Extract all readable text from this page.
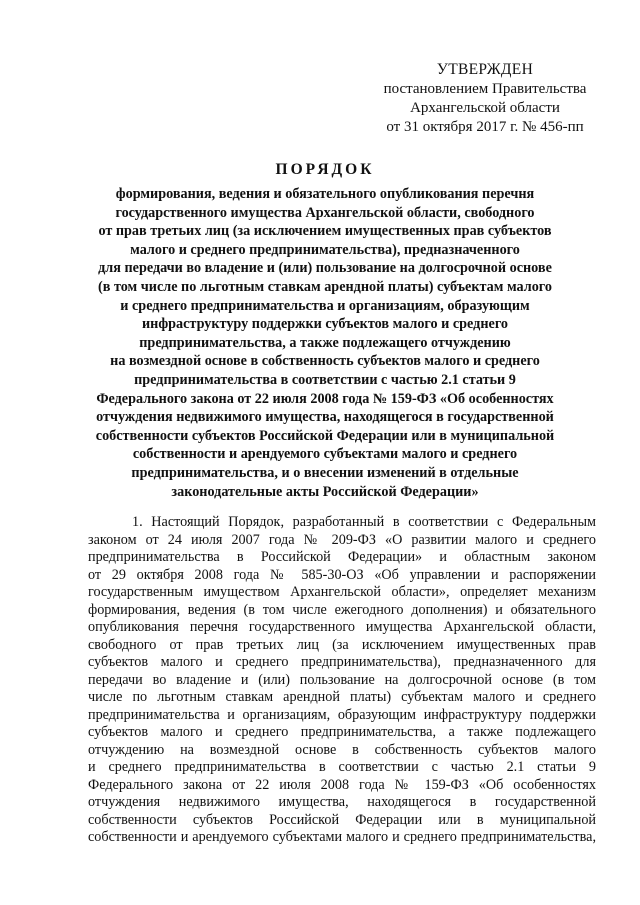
УТВЕРЖДЕН
постановлением Правительства
Архангельской области
от 31 октября 2017 г. № 456-пп
ПОРЯДОК
формирования, ведения и обязательного опубликования перечня
государственного имущества Архангельской области, свободного
от прав третьих лиц (за исключением имущественных прав субъектов
малого и среднего предпринимательства), предназначенного
для передачи во владение и (или) пользование на долгосрочной основе
(в том числе по льготным ставкам арендной платы) субъектам малого
и среднего предпринимательства и организациям, образующим
инфраструктуру поддержки субъектов малого и среднего
предпринимательства, а также подлежащего отчуждению
на возмездной основе в собственность субъектов малого и среднего
предпринимательства в соответствии с частью 2.1 статьи 9
Федерального закона от 22 июля 2008 года № 159-ФЗ «Об особенностях
отчуждения недвижимого имущества, находящегося в государственной
собственности субъектов Российской Федерации или в муниципальной
собственности и арендуемого субъектами малого и среднего
предпринимательства, и о внесении изменений в отдельные
законодательные акты Российской Федерации»
1. Настоящий Порядок, разработанный в соответствии с Федеральным
законом от 24 июля 2007 года № 209-ФЗ «О развитии малого и среднего
предпринимательства в Российской Федерации» и областным законом
от 29 октября 2008 года № 585-30-ОЗ «Об управлении и распоряжении
государственным имуществом Архангельской области», определяет механизм
формирования, ведения (в том числе ежегодного дополнения) и обязательного
опубликования перечня государственного имущества Архангельской области,
свободного от прав третьих лиц (за исключением имущественных прав
субъектов малого и среднего предпринимательства), предназначенного для
передачи во владение и (или) пользование на долгосрочной основе (в том
числе по льготным ставкам арендной платы) субъектам малого и среднего
предпринимательства и организациям, образующим инфраструктуру поддержки
субъектов малого и среднего предпринимательства, а также подлежащего
отчуждению на возмездной основе в собственность субъектов малого
и среднего предпринимательства в соответствии с частью 2.1 статьи 9
Федерального закона от 22 июля 2008 года № 159-ФЗ «Об особенностях
отчуждения недвижимого имущества, находящегося в государственной
собственности субъектов Российской Федерации или в муниципальной
собственности и арендуемого субъектами малого и среднего предпринимательства,
